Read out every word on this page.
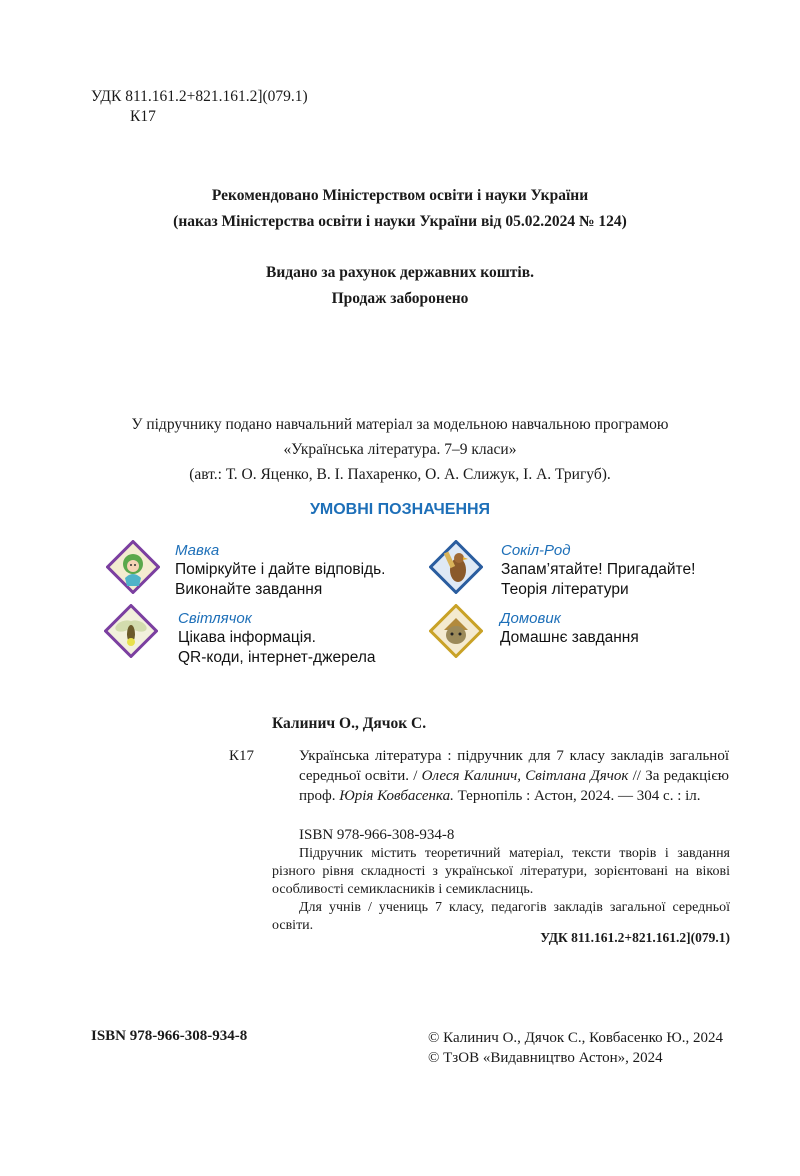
УДК 811.161.2+821.161.2](079.1)
К17
Рекомендовано Міністерством освіти і науки України
(наказ Міністерства освіти і науки України від 05.02.2024 № 124)
Видано за рахунок державних коштів.
Продаж заборонено
У підручнику подано навчальний матеріал за модельною навчальною програмою
«Українська література. 7–9 класи»
(авт.: Т. О. Яценко, В. І. Пахаренко, О. А. Слижук, І. А. Тригуб).
УМОВНІ ПОЗНАЧЕННЯ
Мавка
Поміркуйте і дайте відповідь.
Виконайте завдання
Сокіл-Род
Запам’ятайте! Пригадайте!
Теорія літератури
Світлячок
Цікава інформація.
QR-коди, інтернет-джерела
Домовик
Домашнє завдання
Калинич О., Дячок С.
К17	Українська література : підручник для 7 класу закладів загальної середньої освіти. / Олеся Калинич, Світлана Дячок // За редакцією проф. Юрія Ковбасенка. Тернопіль : Астон, 2024. — 304 с. : іл.
ISBN 978-966-308-934-8

Підручник містить теоретичний матеріал, тексти творів і завдання різного рівня складності з української літератури, зорієнтовані на вікові особливості семикласників і семикласниць.

Для учнів / учениць 7 класу, педагогів закладів загальної середньої освіти.

УДК 811.161.2+821.161.2](079.1)
ISBN 978-966-308-934-8	© Калинич О., Дячок С., Ковбасенко Ю., 2024
© ТзОВ «Видавництво Астон», 2024
